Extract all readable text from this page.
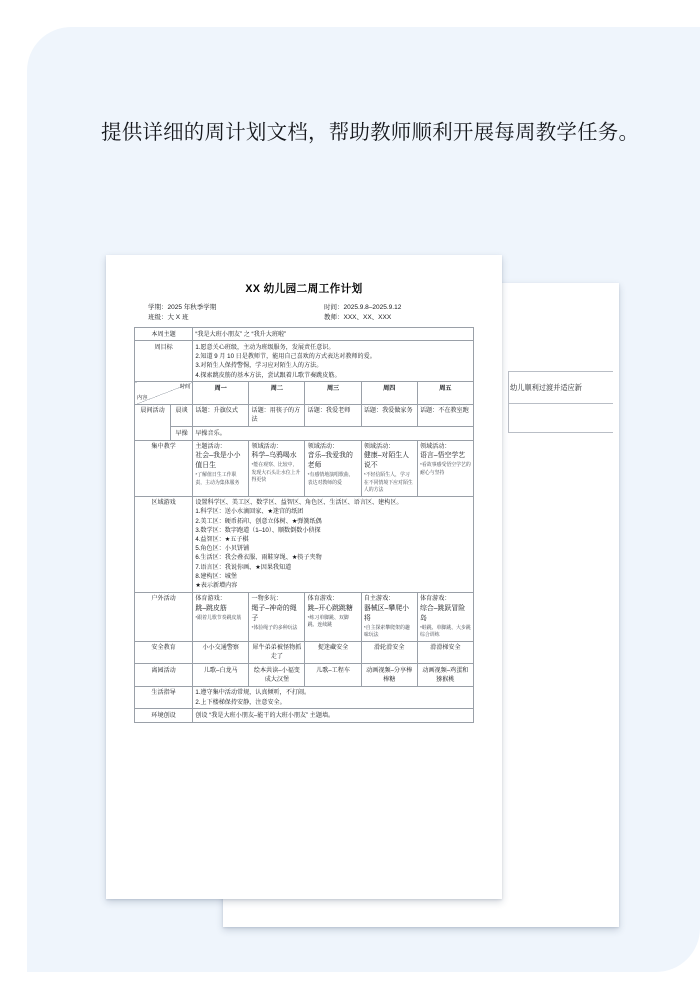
提供详细的周计划文档，帮助教师顺利开展每周教学任务。
幼儿顺利过渡并适应新
XX 幼儿园二周工作计划
学期：2025 年秋季学期	时间：2025.9.8–2025.9.12
班级：大 X 班	教师：XXX、XX、XXX
本周主题		“我是大班小朋友” 之 “我升大班啦”				
周目标		1.愿意关心班级，主动为班级服务，发展责任意识。
2.知道 9 月 10 日是教师节，能用自己喜欢的方式表达对教师的爱。
3.对陌生人保持警惕，学习应对陌生人的方法。
4.探索跳皮筋的基本方法，尝试跟着儿歌节奏跳皮筋。				

时间
内容		周一	周二	周三	周四	周五
晨间活动	晨谈	话题：升旗仪式	话题：用筷子的方法	话题：我爱老师	话题：我爱做家务	话题：不在教室跑
	早操	早操音乐。				
集中教学		主题活动：
社会–我是小小值日生
*了解值日生工作职责，主动为集体服务	领域活动：
科学–乌鸦喝水
*能在观察、比较中，发现大石头让水位上升得更快	领域活动：
音乐–我爱我的老师
*有感情地演唱歌曲，表达对教师的爱	领域活动：
健康–对陌生人说不
*不轻信陌生人，学习在不同情境下应对陌生人的方法	领域活动：
语言–悟空学艺
*看故事感受悟空学艺的耐心与坚持

区域游戏	设置科学区、美工区、数学区、益智区、角色区、生活区、语言区、建构区。
1.科学区：送小水滴回家、★迷宫的纸团
2.美工区：硬币拓印、创意立体树、★弹簧纸偶
3.数学区：数字跑道（1–10）、顺数倒数小侦探
4.益智区：★五子棋
5.角色区：小贝饼铺
6.生活区：我会叠衣服、雨鞋穿绳、★筷子夹物
7.语言区：我说你画、★因果我知道
8.建构区：城堡
★表示新增内容

户外活动		体育游戏：
跳–跳皮筋
*跟着儿歌节奏跳皮筋	一物多玩：
绳子–神奇的绳子
*体验绳子的多种玩法	体育游戏：
跳–开心跳跳糖
*练习单脚跳、双脚跳、连续跳	自主游戏：
器械区–攀爬小将
*自主探索攀爬架的趣味玩法	体育游戏：
综合–跳跃冒险岛
*蛙跳、单脚跳、大步跳综合训练

安全教育		小小交通警察	犀牛弟弟被怪物抓走了	捉迷藏安全	滑轮滑安全	滑滑梯安全
离园活动		儿歌–白龙马	绘本共读–小福变成大汉堡	儿歌–工程车	动画视频–分享棒棒糖	动画视频–鸡蛋和猕猴桃
生活指导		1.遵守集中活动常规，认真倾听，不打闹。
2.上下楼梯保持安静，注意安全。				

环境创设		创设 “我是大班小朋友–能干的大班小朋友” 主题墙。				
